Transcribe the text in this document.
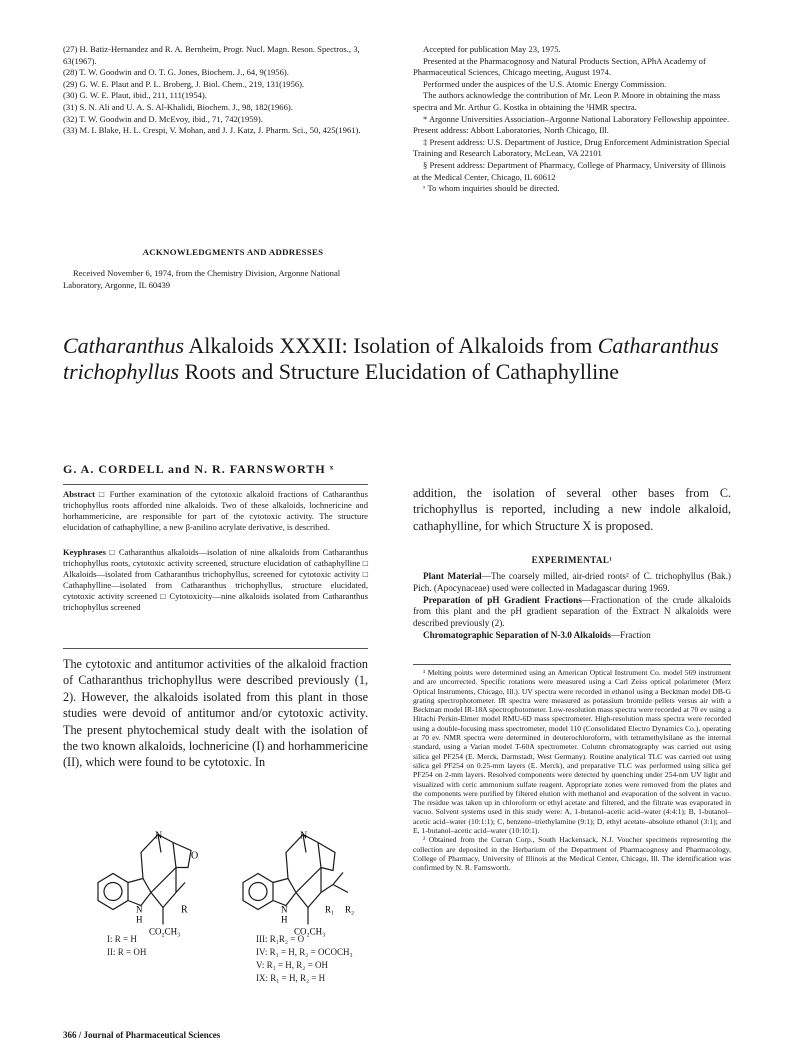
(27) H. Batiz-Hernandez and R. A. Bernheim, Progr. Nucl. Magn. Reson. Spectros., 3, 63(1967).

(28) T. W. Goodwin and O. T. G. Jones, Biochem. J., 64, 9(1956).

(29) G. W. E. Plaut and P. L. Broberg, J. Biol. Chem., 219, 131(1956).

(30) G. W. E. Plaut, ibid., 211, 111(1954).

(31) S. N. Ali and U. A. S. Al-Khalidi, Biochem. J., 98, 182(1966).

(32) T. W. Goodwin and D. McEvoy, ibid., 71, 742(1959).

(33) M. I. Blake, H. L. Crespi, V. Mohan, and J. J. Katz, J. Pharm. Sci., 50, 425(1961).

ACKNOWLEDGMENTS AND ADDRESSES
Received November 6, 1974, from the Chemistry Division, Argonne National Laboratory, Argonne, IL 60439

Accepted for publication May 23, 1975.

Presented at the Pharmacognosy and Natural Products Section, APhA Academy of Pharmaceutical Sciences, Chicago meeting, August 1974.

Performed under the auspices of the U.S. Atomic Energy Commission.

The authors acknowledge the contribution of Mr. Leon P. Moore in obtaining the mass spectra and Mr. Arthur G. Kostka in obtaining the ¹HMR spectra.

* Argonne Universities Association–Argonne National Laboratory Fellowship appointee. Present address: Abbott Laboratories, North Chicago, Ill.

‡ Present address: U.S. Department of Justice, Drug Enforcement Administration Special Training and Research Laboratory, McLean, VA 22101

§ Present address: Department of Pharmacy, College of Pharmacy, University of Illinois at the Medical Center, Chicago, IL 60612

ˣ To whom inquiries should be directed.

Catharanthus Alkaloids XXXII: Isolation of Alkaloids from Catharanthus trichophyllus Roots and Structure Elucidation of Cathaphylline
G. A. CORDELL and N. R. FARNSWORTH ˣ
Abstract □ Further examination of the cytotoxic alkaloid fractions of Catharanthus trichophyllus roots afforded nine alkaloids. Two of these alkaloids, lochnericine and horhammericine, are responsible for part of the cytotoxic activity. The structure elucidation of cathaphylline, a new β-anilino acrylate derivative, is described.
Keyphrases □ Catharanthus alkaloids—isolation of nine alkaloids from Catharanthus trichophyllus roots, cytotoxic activity screened, structure elucidation of cathaphylline □ Alkaloids—isolated from Catharanthus trichophyllus, screened for cytotoxic activity □ Cathaphylline—isolated from Catharanthus trichophyllus, structure elucidated, cytotoxic activity screened □ Cytotoxicity—nine alkaloids isolated from Catharanthus trichophyllus screened
The cytotoxic and antitumor activities of the alkaloid fraction of Catharanthus trichophyllus were described previously (1, 2). However, the alkaloids isolated from this plant in those studies were devoid of antitumor and/or cytotoxic activity. The present phytochemical study dealt with the isolation of the two known alkaloids, lochnericine (I) and horhammericine (II), which were found to be cytotoxic. In
addition, the isolation of several other bases from C. trichophyllus is reported, including a new indole alkaloid, cathaphylline, for which Structure X is proposed.
EXPERIMENTAL¹

Plant Material—The coarsely milled, air-dried roots² of C. trichophyllus (Bak.) Pich. (Apocynaceae) used were collected in Madagascar during 1969.

Preparation of pH Gradient Fractions—Fractionation of the crude alkaloids from this plant and the pH gradient separation of the Extract N alkaloids were described previously (2).

Chromatographic Separation of N-3.0 Alkaloids—Fraction

¹ Melting points were determined using an American Optical Instrument Co. model 569 instrument and are uncorrected. Specific rotations were measured using a Carl Zeiss optical polarimeter (Merz Optical Instruments, Chicago, Ill.). UV spectra were recorded in ethanol using a Beckman model DB-G grating spectrophotometer. IR spectra were measured as potassium bromide pellets versus air with a Beckman model IR-18A spectrophotometer. Low-resolution mass spectra were recorded at 70 ev using a Hitachi Perkin-Elmer model RMU-6D mass spectrometer. High-resolution mass spectra were recorded using a double-focusing mass spectrometer, model 110 (Consolidated Electro Dynamics Co.), operating at 70 ev. NMR spectra were determined in deuterochloroform, with tetramethylsilane as the internal standard, using a Varian model T-60A spectrometer. Column chromatography was carried out using silica gel PF254 (E. Merck, Darmstadt, West Germany). Routine analytical TLC was carried out using silica gel PF254 on 0.25-mm layers (E. Merck), and preparative TLC was performed using silica gel PF254 on 2-mm layers. Resolved components were detected by quenching under 254-nm UV light and visualized with ceric ammonium sulfate reagent. Appropriate zones were removed from the plates and the components were purified by filtered elution with methanol and evaporation of the solvent in vacuo. The residue was taken up in chloroform or ethyl acetate and filtered, and the filtrate was evaporated in vacuo. Solvent systems used in this study were: A, 1-butanol–acetic acid–water (4:4:1); B, 1-butanol–acetic acid–water (10:1:1); C, benzene–triethylamine (9:1); D, ethyl acetate–absolute ethanol (3:1); and E, 1-butanol–acetic acid–water (10:10:1).

² Obtained from the Curran Corp., South Hackensack, N.J. Voucher specimens representing the collection are deposited in the Herbarium of the Department of Pharmacognosy and Pharmacology, College of Pharmacy, University of Illinois at the Medical Center, Chicago, Ill. The identification was confirmed by N. R. Farnsworth.

N
O
N
H
R
CO₂CH₃
N
N
H
R₁ R₂
CO₂CH₃
I: R = H
II: R = OH
III: R₁R₂ = O
IV: R₁ = H, R₂ = OCOCH₃
V: R₁ = H, R₂ = OH
IX: R₁ = H, R₂ = H
366 / Journal of Pharmaceutical Sciences
